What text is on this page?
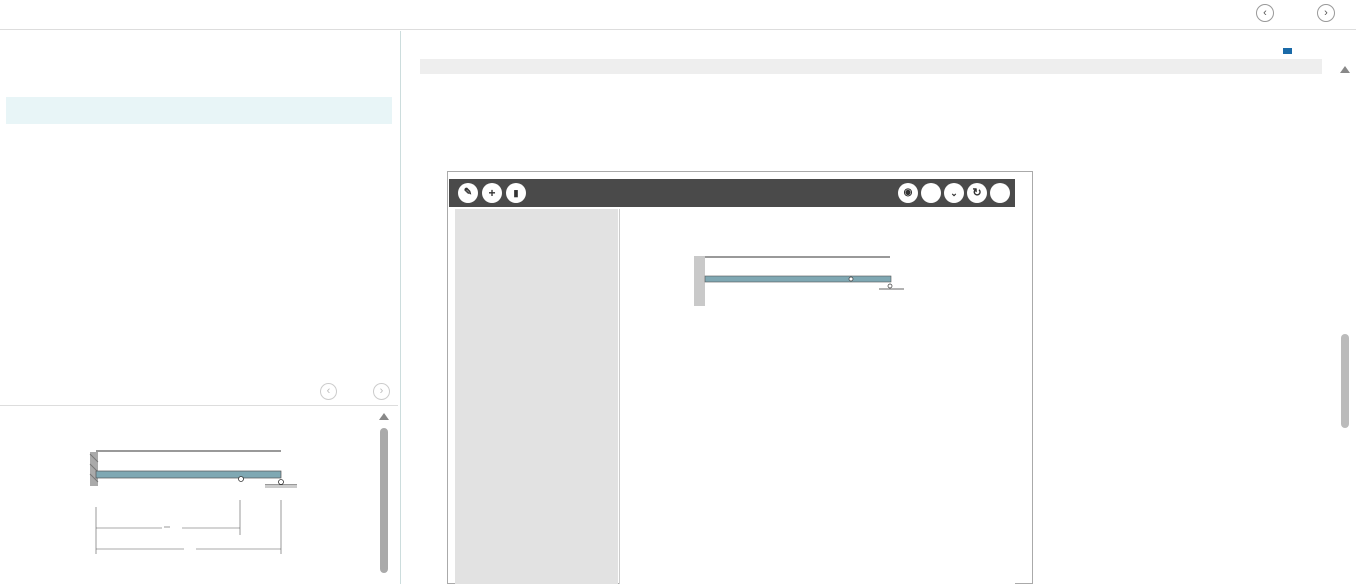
‹	›
‹	›

✎	+	▮	◉	⌄	↻
